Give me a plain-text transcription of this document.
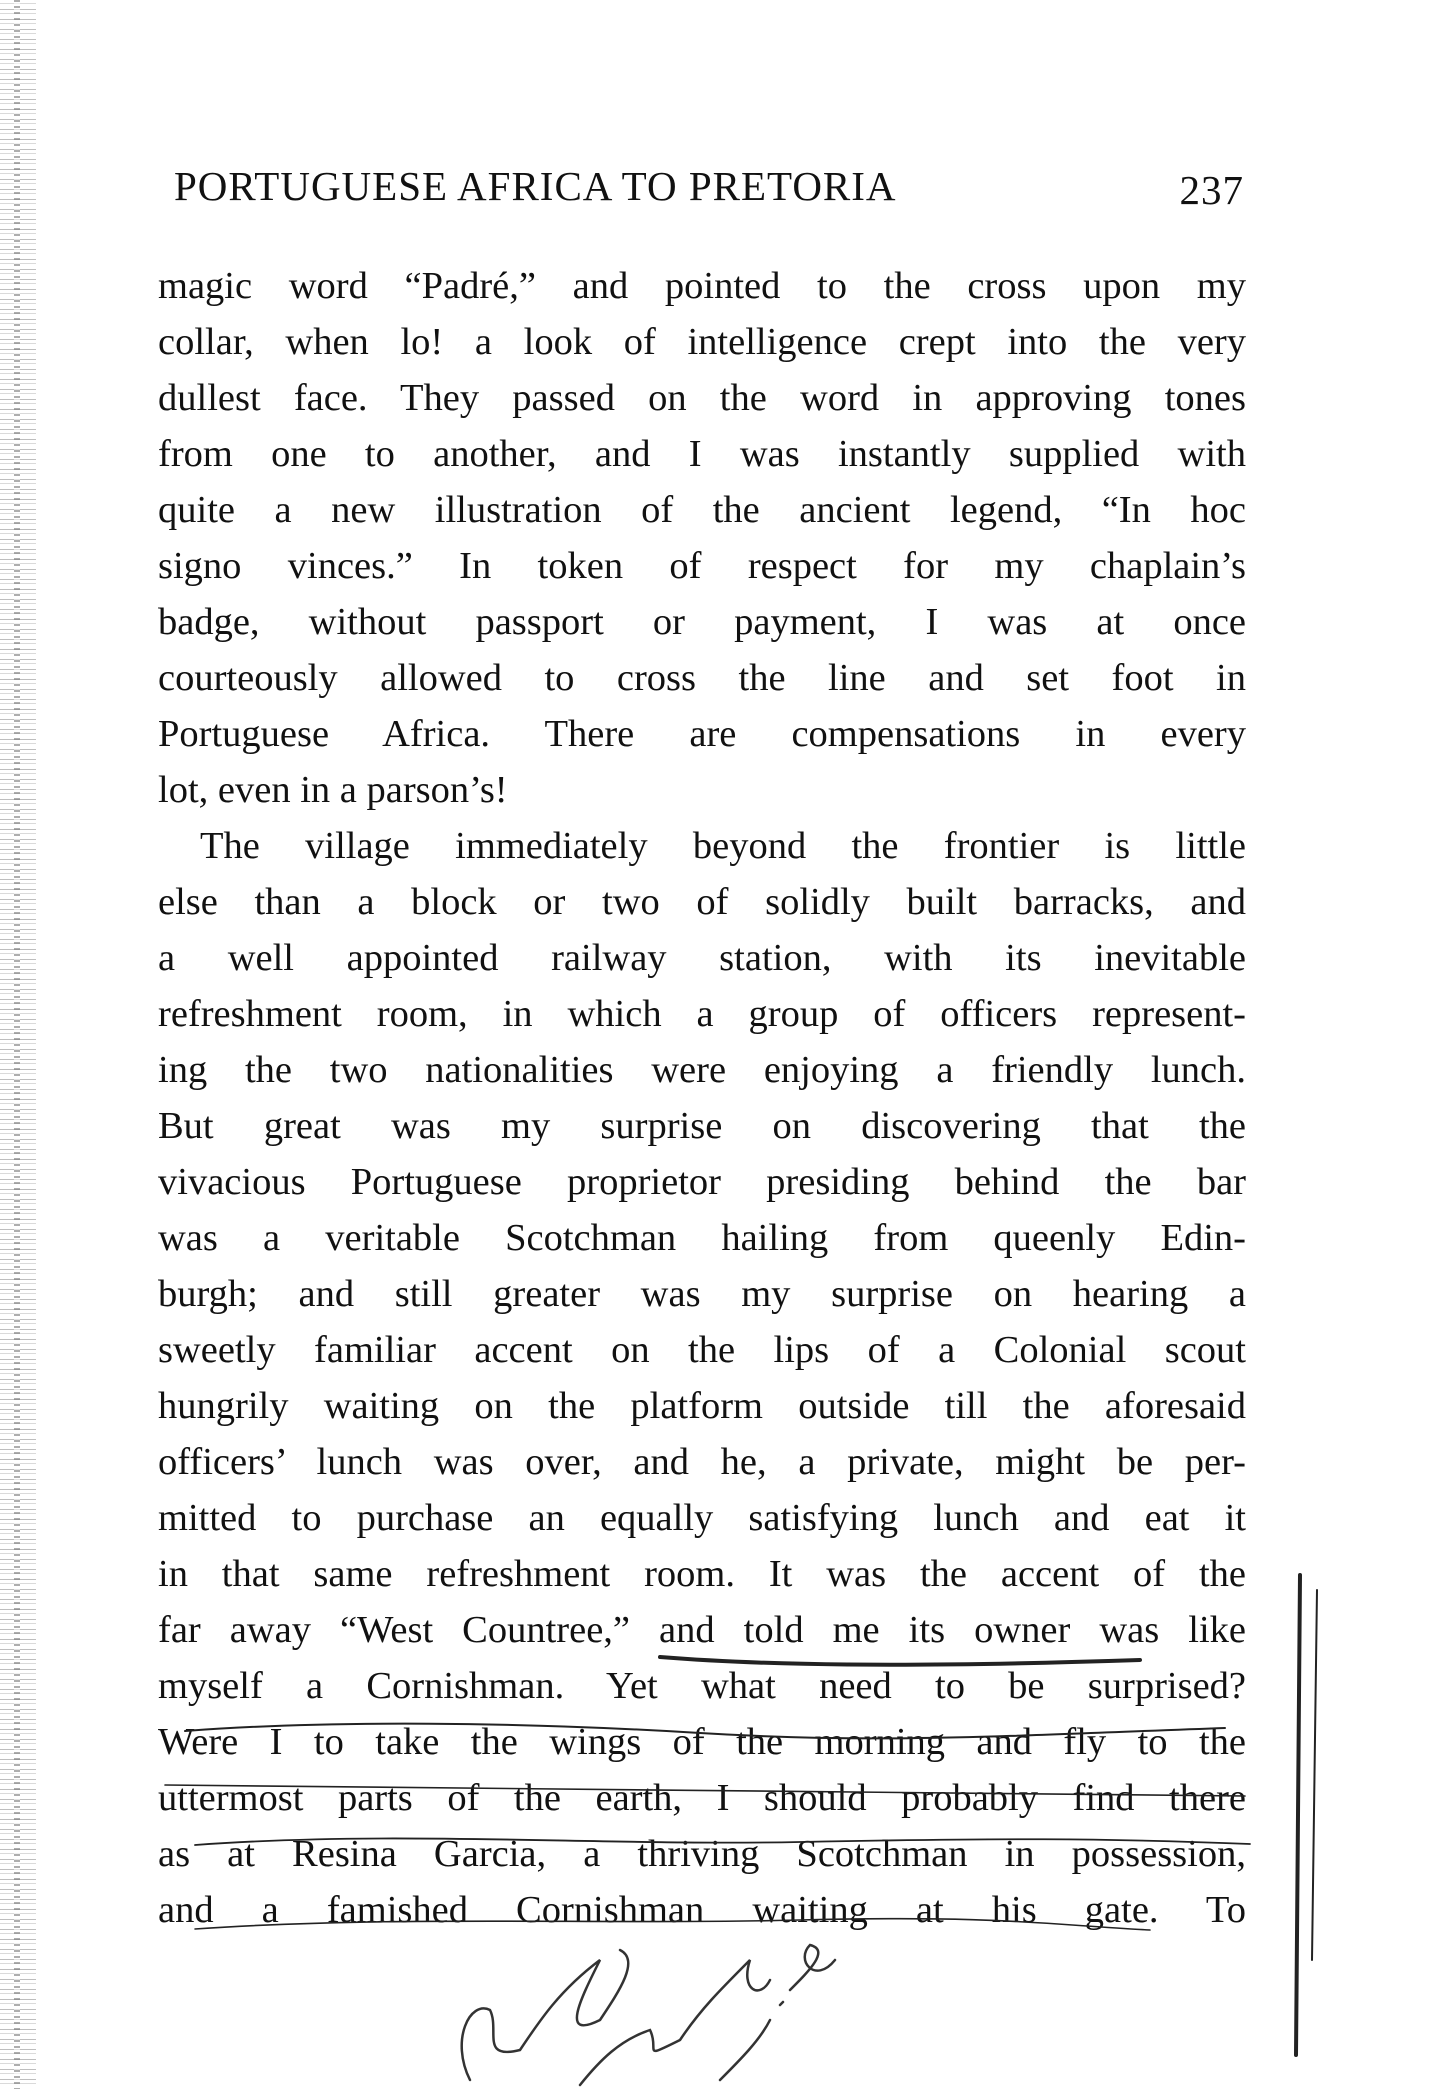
PORTUGUESE AFRICA TO PRETORIA	237
magic word “Padré,” and pointed to the cross upon my
collar, when lo! a look of intelligence crept into the very
dullest face. They passed on the word in approving tones
from one to another, and I was instantly supplied with
quite a new illustration of the ancient legend, “In hoc
signo vinces.” In token of respect for my chaplain’s
badge, without passport or payment, I was at once
courteously allowed to cross the line and set foot in
Portuguese Africa. There are compensations in every
lot, even in a parson’s!
The village immediately beyond the frontier is little
else than a block or two of solidly built barracks, and
a well appointed railway station, with its inevitable
refreshment room, in which a group of officers represent-
ing the two nationalities were enjoying a friendly lunch.
But great was my surprise on discovering that the
vivacious Portuguese proprietor presiding behind the bar
was a veritable Scotchman hailing from queenly Edin-
burgh; and still greater was my surprise on hearing a
sweetly familiar accent on the lips of a Colonial scout
hungrily waiting on the platform outside till the aforesaid
officers’ lunch was over, and he, a private, might be per-
mitted to purchase an equally satisfying lunch and eat it
in that same refreshment room. It was the accent of the
far away “West Countree,” and told me its owner was like
myself a Cornishman. Yet what need to be surprised?
Were I to take the wings of the morning and fly to the
uttermost parts of the earth, I should probably find there
as at Resina Garcia, a thriving Scotchman in possession,
and a famished Cornishman waiting at his gate. To
